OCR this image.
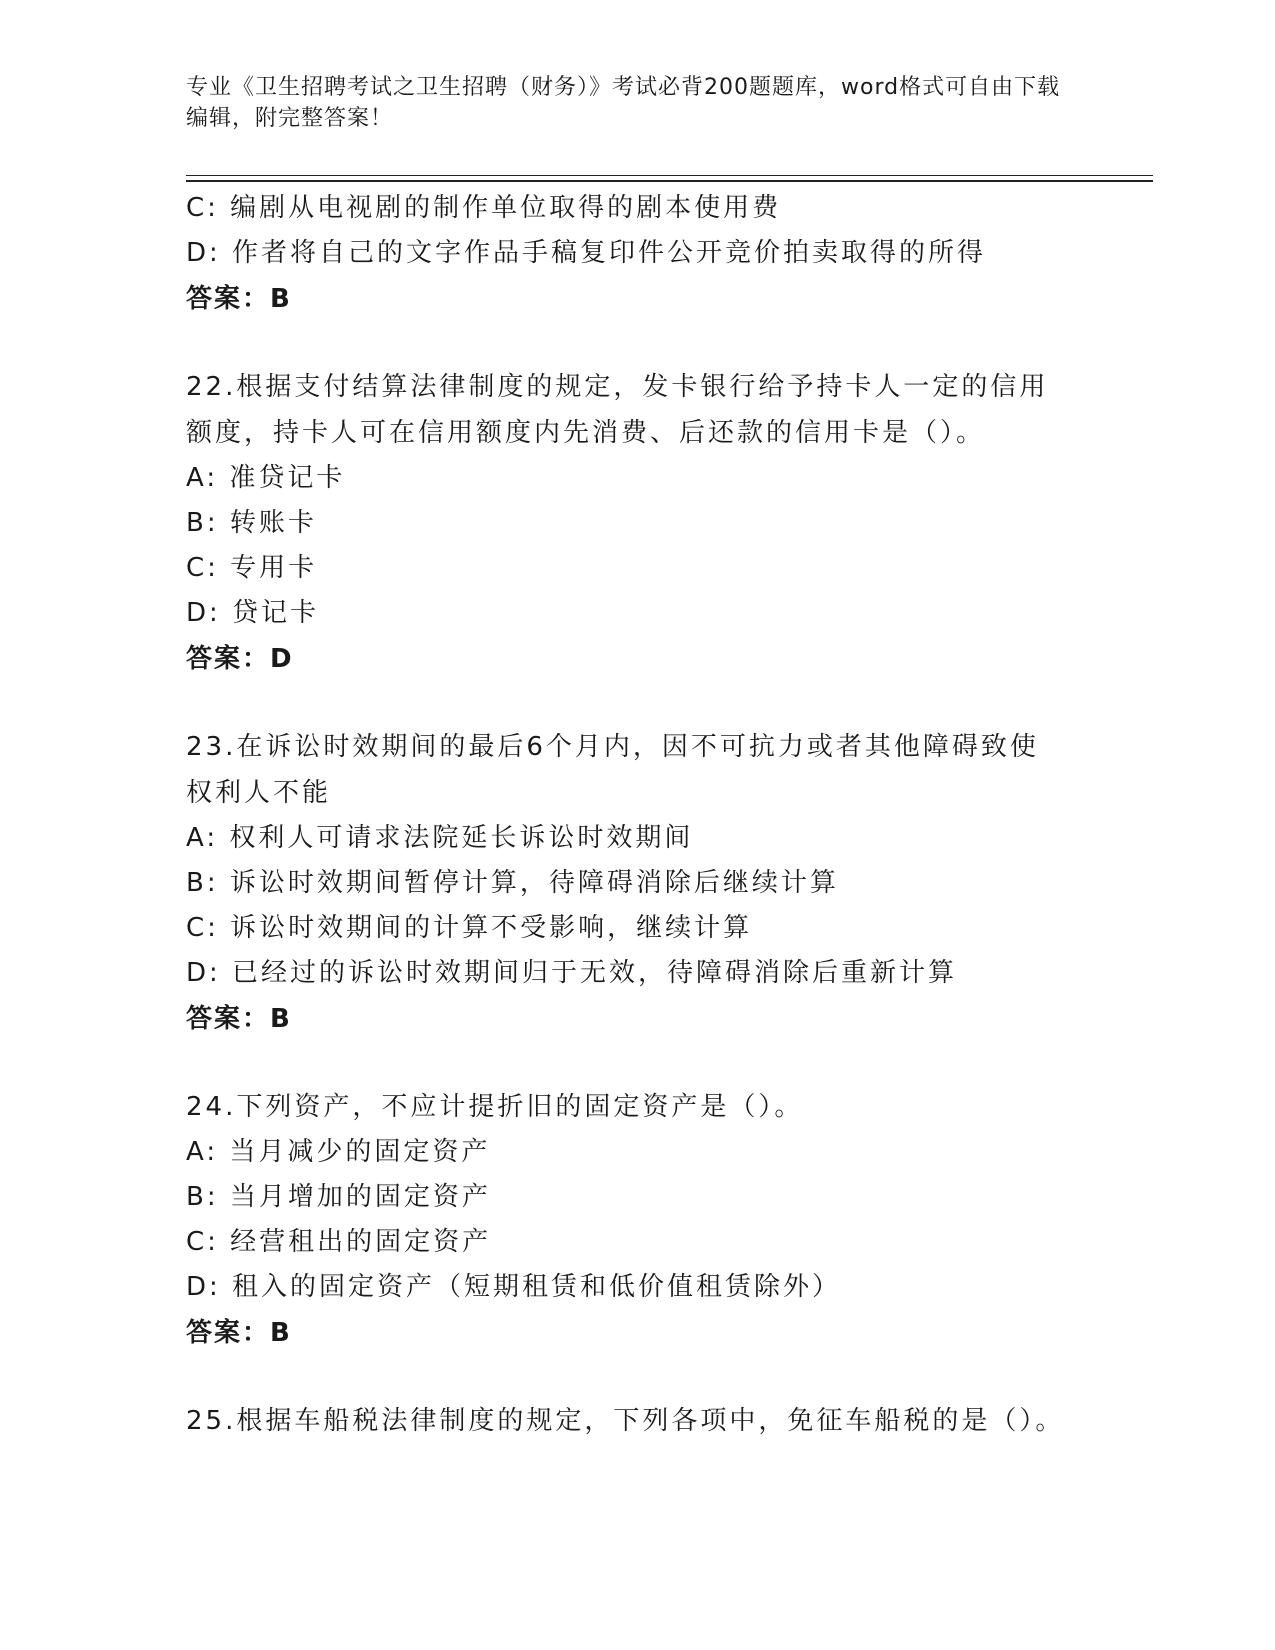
专业《卫生招聘考试之卫生招聘（财务）》考试必背200题题库，word格式可自由下载编辑，附完整答案！
C: 编剧从电视剧的制作单位取得的剧本使用费
D: 作者将自己的文字作品手稿复印件公开竞价拍卖取得的所得
答案：B
22.根据支付结算法律制度的规定，发卡银行给予持卡人一定的信用额度，持卡人可在信用额度内先消费、后还款的信用卡是（）。
A: 准贷记卡
B: 转账卡
C: 专用卡
D: 贷记卡
答案：D
23.在诉讼时效期间的最后6个月内，因不可抗力或者其他障碍致使权利人不能
A: 权利人可请求法院延长诉讼时效期间
B: 诉讼时效期间暂停计算，待障碍消除后继续计算
C: 诉讼时效期间的计算不受影响，继续计算
D: 已经过的诉讼时效期间归于无效，待障碍消除后重新计算
答案：B
24.下列资产，不应计提折旧的固定资产是（）。
A: 当月减少的固定资产
B: 当月增加的固定资产
C: 经营租出的固定资产
D: 租入的固定资产（短期租赁和低价值租赁除外）
答案：B
25.根据车船税法律制度的规定，下列各项中，免征车船税的是（）。
